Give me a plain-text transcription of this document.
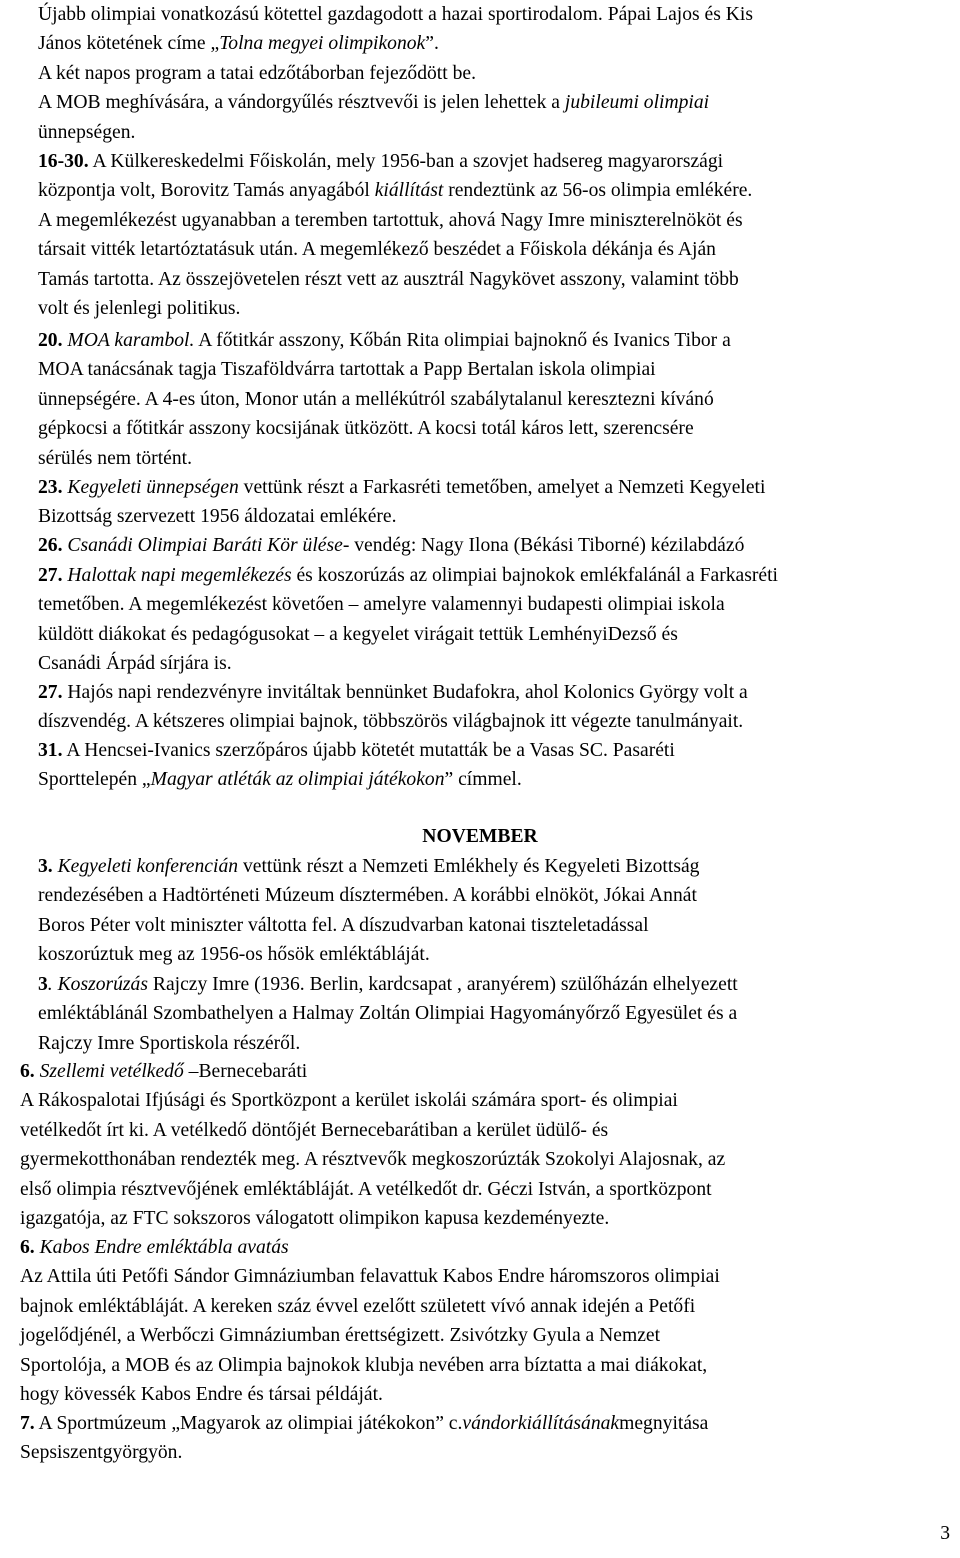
Újabb olimpiai vonatkozású kötettel gazdagodott a hazai sportirodalom. Pápai Lajos és Kis

János kötetének címe „Tolna megyei olimpikonok”.

A két napos program a tatai edzőtáborban fejeződött be.

A MOB meghívására, a vándorgyűlés résztvevői is jelen lehettek a jubileumi olimpiai

ünnepségen.

16-30. A Külkereskedelmi Főiskolán, mely 1956-ban a szovjet hadsereg magyarországi

központja volt, Borovitz Tamás anyagából kiállítást rendeztünk az 56-os olimpia emlékére.

A megemlékezést ugyanabban a teremben tartottuk, ahová Nagy Imre miniszterelnököt és

társait vitték letartóztatásuk után. A megemlékező beszédet a Főiskola dékánja és Aján

Tamás tartotta. Az összejövetelen részt vett az ausztrál Nagykövet asszony, valamint több

volt és jelenlegi politikus.

20. MOA karambol. A főtitkár asszony, Kőbán Rita olimpiai bajnoknő és Ivanics Tibor a

MOA tanácsának tagja Tiszaföldvárra tartottak a Papp Bertalan iskola olimpiai

ünnepségére. A 4-es úton, Monor után a mellékútról szabálytalanul keresztezni kívánó

gépkocsi a főtitkár asszony kocsijának ütközött. A kocsi totál káros lett, szerencsére

sérülés nem történt.

23. Kegyeleti ünnepségen vettünk részt a Farkasréti temetőben, amelyet a Nemzeti Kegyeleti

Bizottság szervezett 1956 áldozatai emlékére.

26. Csanádi Olimpiai Baráti Kör ülése- vendég: Nagy Ilona (Békási Tiborné) kézilabdázó

27. Halottak napi megemlékezés és koszorúzás az olimpiai bajnokok emlékfalánál a Farkasréti

temetőben. A megemlékezést követően – amelyre valamennyi budapesti olimpiai iskola

küldött diákokat és pedagógusokat – a kegyelet virágait tettük LemhényiDezső és

Csanádi Árpád sírjára is.

27. Hajós napi rendezvényre invitáltak bennünket Budafokra, ahol Kolonics György volt a

díszvendég. A kétszeres olimpiai bajnok, többszörös világbajnok itt végezte tanulmányait.

31. A Hencsei-Ivanics szerzőpáros újabb kötetét mutatták be a Vasas SC. Pasaréti

Sporttelepén „Magyar atléták az olimpiai játékokon” címmel.

NOVEMBER

3. Kegyeleti konferencián vettünk részt a Nemzeti Emlékhely és Kegyeleti Bizottság

rendezésében a Hadtörténeti Múzeum dísztermében. A korábbi elnököt, Jókai Annát

Boros Péter volt miniszter váltotta fel. A díszudvarban katonai tiszteletadással

koszorúztuk meg az 1956-os hősök emléktábláját.

3. Koszorúzás Rajczy Imre (1936. Berlin, kardcsapat , aranyérem) szülőházán elhelyezett

emléktáblánál Szombathelyen a Halmay Zoltán Olimpiai Hagyományőrző Egyesület és a

Rajczy Imre Sportiskola részéről.

6. Szellemi vetélkedő –Bernecebaráti

A Rákospalotai Ifjúsági és Sportközpont a kerület iskolái számára sport- és olimpiai

vetélkedőt írt ki. A vetélkedő döntőjét Bernecebarátiban a kerület üdülő- és

gyermekotthonában rendezték meg. A résztvevők megkoszorúzták Szokolyi Alajosnak, az

első olimpia résztvevőjének emléktábláját. A vetélkedőt dr. Géczi István, a sportközpont

igazgatója, az FTC sokszoros válogatott olimpikon kapusa kezdeményezte.

6. Kabos Endre emléktábla avatás

Az Attila úti Petőfi Sándor Gimnáziumban felavattuk Kabos Endre háromszoros olimpiai

bajnok emléktábláját. A kereken száz évvel ezelőtt született vívó annak idején a Petőfi

jogelődjénél, a Werbőczi Gimnáziumban érettségizett. Zsivótzky Gyula a Nemzet

Sportolója, a MOB és az Olimpia bajnokok klubja nevében arra bíztatta a mai diákokat,

hogy kövessék Kabos Endre és társai példáját.

7. A Sportmúzeum „Magyarok az olimpiai játékokon” c.vándorkiállításánakmegnyitása

Sepsiszentgyörgyön.

3
